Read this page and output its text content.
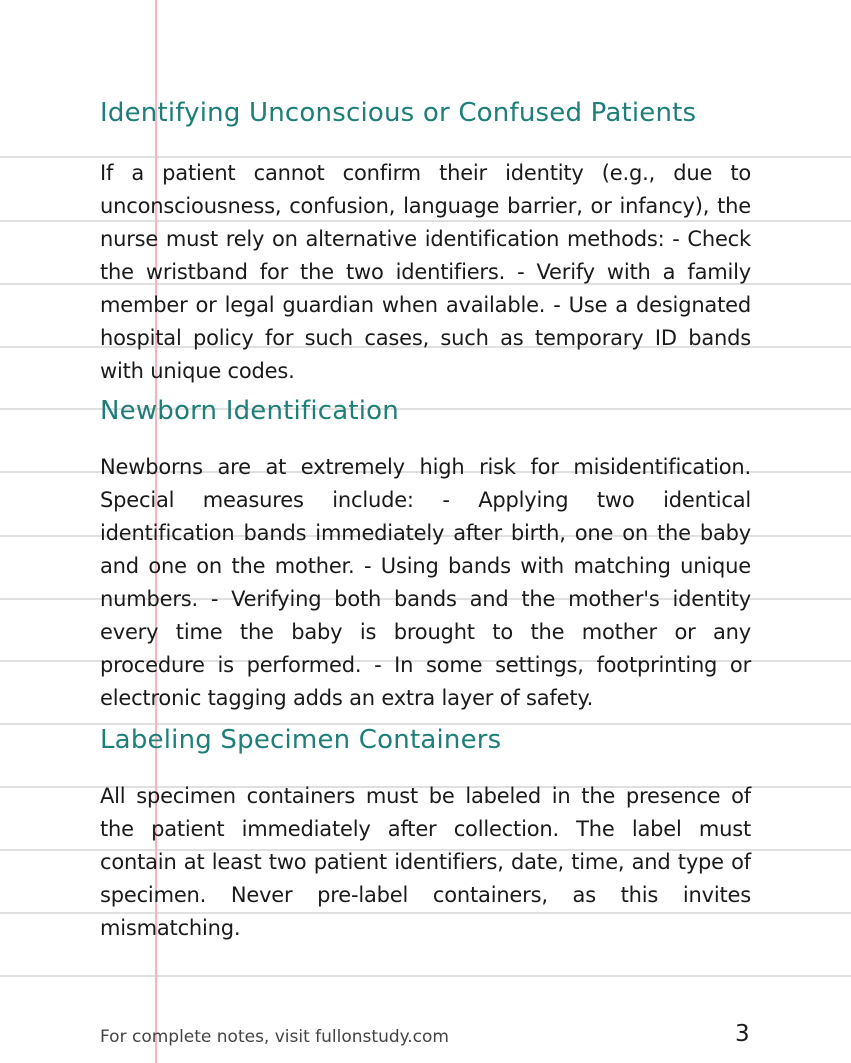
Identifying Unconscious or Confused Patients

If a patient cannot confirm their identity (e.g., due to unconsciousness, confusion, language barrier, or infancy), the nurse must rely on alternative identification methods: - Check the wristband for the two identifiers. - Verify with a family member or legal guardian when available. - Use a designated hospital policy for such cases, such as temporary ID bands with unique codes.

Newborn Identification

Newborns are at extremely high risk for misidentification. Special measures include: - Applying two identical identification bands immediately after birth, one on the baby and one on the mother. - Using bands with matching unique numbers. - Verifying both bands and the mother's identity every time the baby is brought to the mother or any procedure is performed. - In some settings, footprinting or electronic tagging adds an extra layer of safety.

Labeling Specimen Containers

All specimen containers must be labeled in the presence of the patient immediately after collection. The label must contain at least two patient identifiers, date, time, and type of specimen. Never pre-label containers, as this invites mismatching.

For complete notes, visit fullonstudy.com	3
